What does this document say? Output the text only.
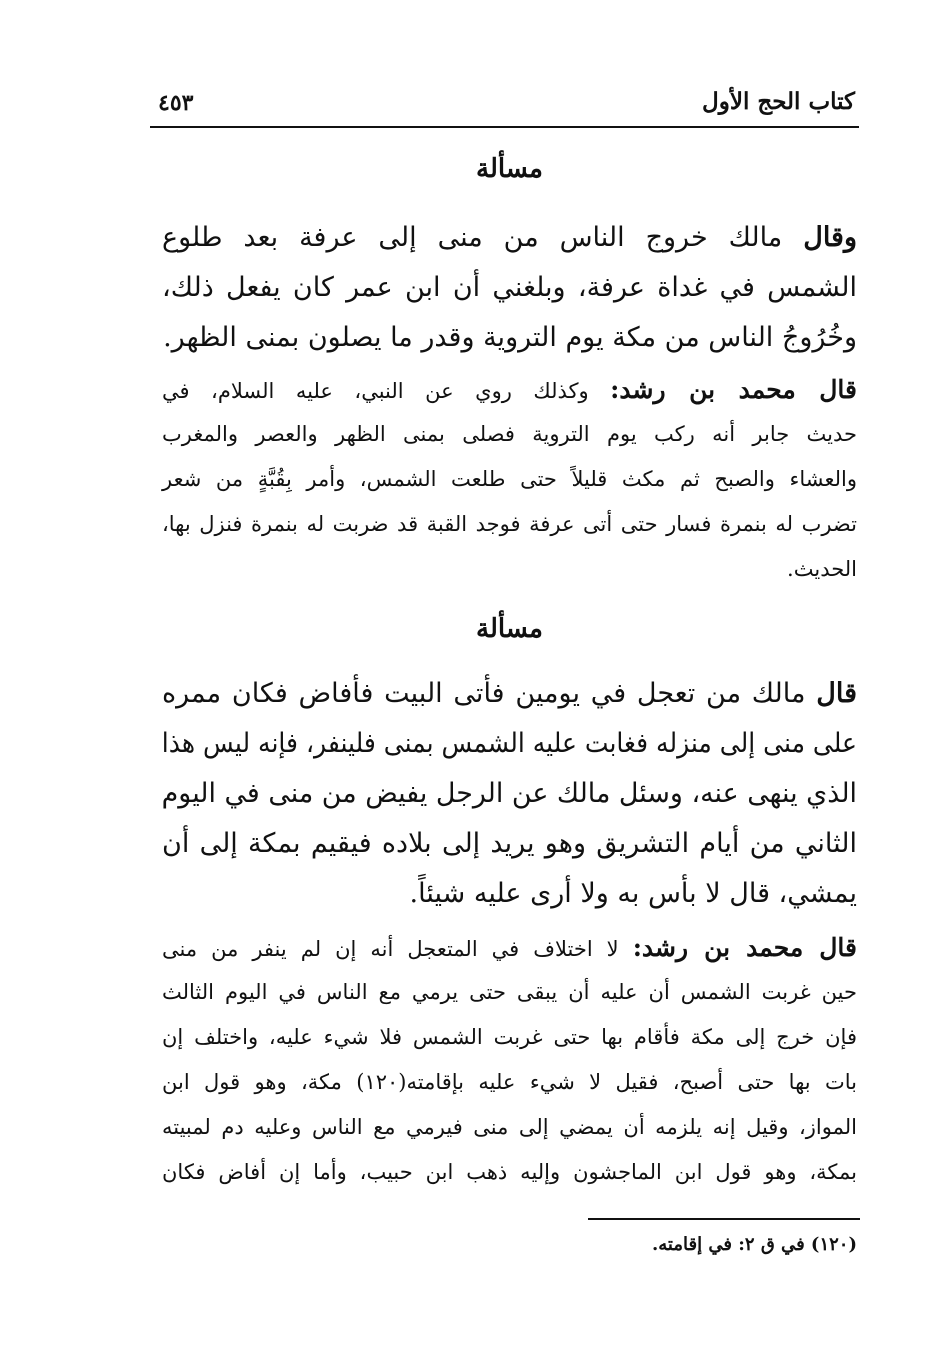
كتاب الحج الأول
٤٥٣
مسألة
وقال مالك خروج الناس من منى إلى عرفة بعد طلوع
الشمس في غداة عرفة، وبلغني أن ابن عمر كان يفعل ذلك،
وخُرُوجُ الناس من مكة يوم التروية وقدر ما يصلون بمنى الظهر.
قال محمد بن رشد: وكذلك روي عن النبي، عليه السلام، في
حديث جابر أنه ركب يوم التروية فصلى بمنى الظهر والعصر والمغرب
والعشاء والصبح ثم مكث قليلاً حتى طلعت الشمس، وأمر بِقُبَّةٍ من شعر
تضرب له بنمرة فسار حتى أتى عرفة فوجد القبة قد ضربت له بنمرة فنزل بها،
الحديث.
مسألة
قال مالك من تعجل في يومين فأتى البيت فأفاض فكان ممره
على منى إلى منزله فغابت عليه الشمس بمنى فلينفر، فإنه ليس هذا
الذي ينهى عنه، وسئل مالك عن الرجل يفيض من منى في اليوم
الثاني من أيام التشريق وهو يريد إلى بلاده فيقيم بمكة إلى أن
يمشي، قال لا بأس به ولا أرى عليه شيئاً.
قال محمد بن رشد: لا اختلاف في المتعجل أنه إن لم ينفر من منى
حين غربت الشمس أن عليه أن يبقى حتى يرمي مع الناس في اليوم الثالث
فإن خرج إلى مكة فأقام بها حتى غربت الشمس فلا شيء عليه، واختلف إن
بات بها حتى أصبح، فقيل لا شيء عليه بإقامته(١٢٠) مكة، وهو قول ابن
المواز، وقيل إنه يلزمه أن يمضي إلى منى فيرمي مع الناس وعليه دم لمبيته
بمكة، وهو قول ابن الماجشون وإليه ذهب ابن حبيب، وأما إن أفاض فكان
(١٢٠) في ق ٢: في إقامته.
